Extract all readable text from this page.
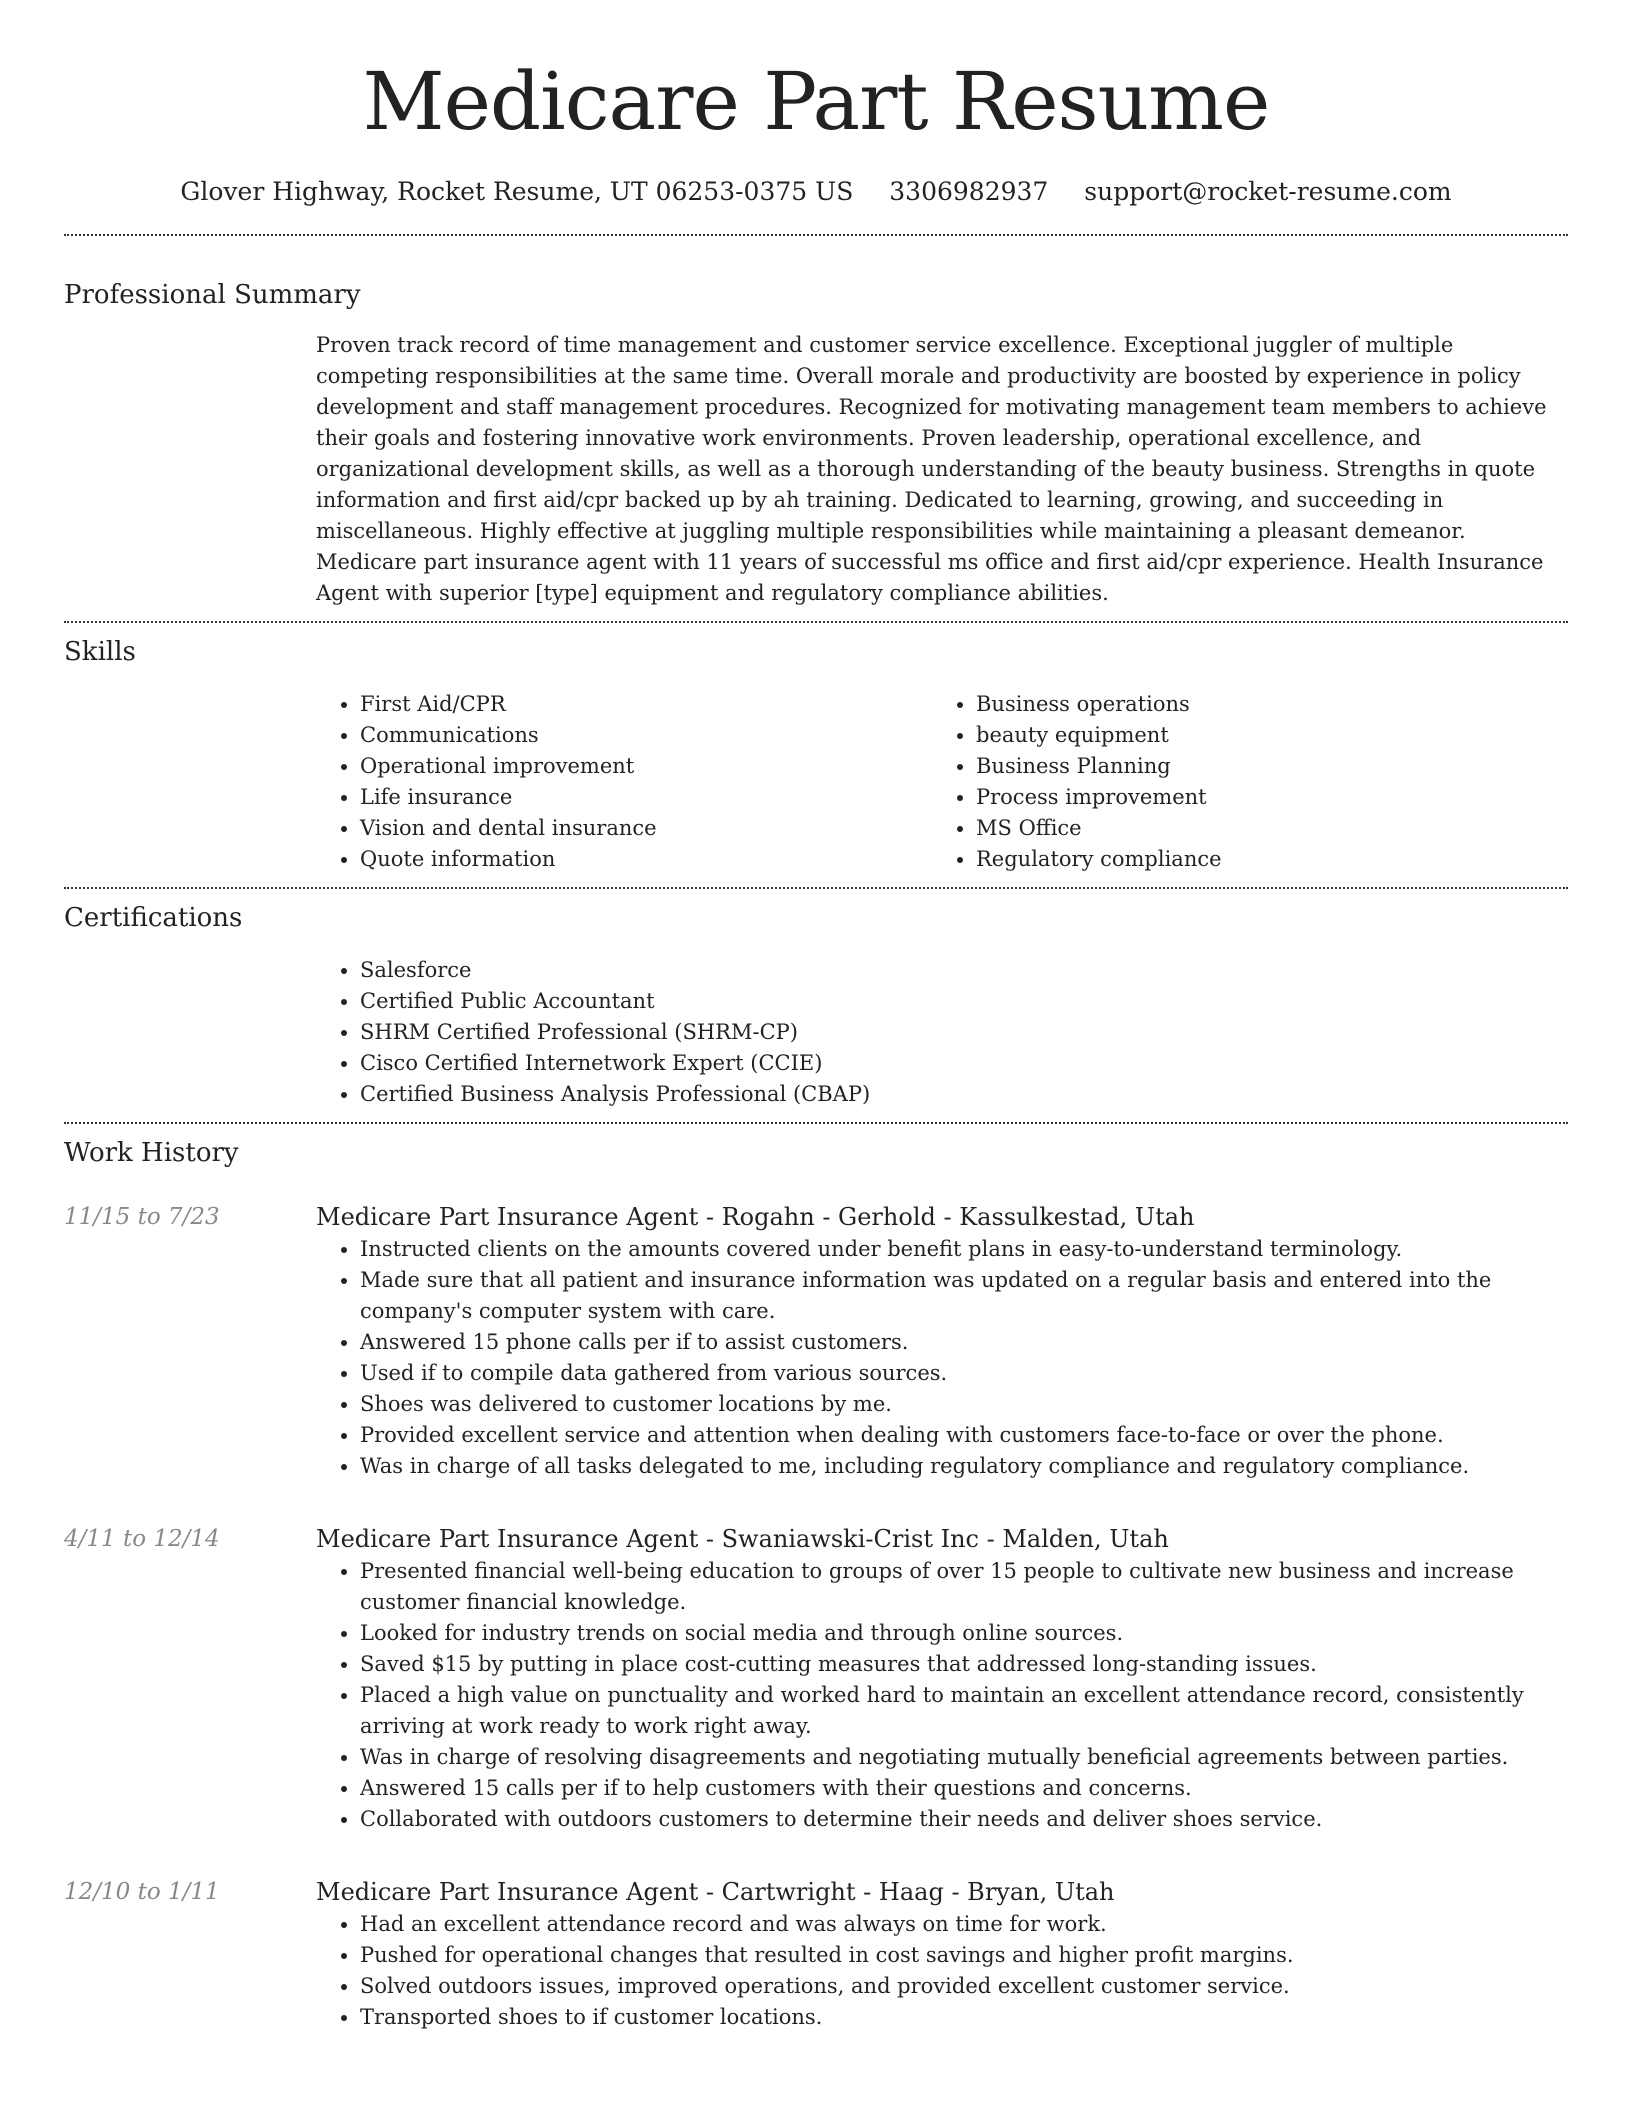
Medicare Part Resume
Glover Highway, Rocket Resume, UT 06253-0375 US 3306982937 support@rocket-resume.com
Professional Summary

Proven track record of time management and customer service excellence. Exceptional juggler of multiple competing responsibilities at the same time. Overall morale and productivity are boosted by experience in policy development and staff management procedures. Recognized for motivating management team members to achieve their goals and fostering innovative work environments. Proven leadership, operational excellence, and organizational development skills, as well as a thorough understanding of the beauty business. Strengths in quote information and first aid/cpr backed up by ah training. Dedicated to learning, growing, and succeeding in miscellaneous. Highly effective at juggling multiple responsibilities while maintaining a pleasant demeanor. Medicare part insurance agent with 11 years of successful ms office and first aid/cpr experience. Health Insurance Agent with superior [type] equipment and regulatory compliance abilities.

Skills
• First Aid/CPR
• Communications
• Operational improvement
• Life insurance
• Vision and dental insurance
• Quote information
• Business operations
• beauty equipment
• Business Planning
• Process improvement
• MS Office
• Regulatory compliance
Certifications
• Salesforce
• Certified Public Accountant
• SHRM Certified Professional (SHRM-CP)
• Cisco Certified Internetwork Expert (CCIE)
• Certified Business Analysis Professional (CBAP)
Work History
11/15 to 7/23	Medicare Part Insurance Agent - Rogahn - Gerhold - Kassulkestad, Utah
• Instructed clients on the amounts covered under benefit plans in easy-to-understand terminology.
• Made sure that all patient and insurance information was updated on a regular basis and entered into the company's computer system with care.
• Answered 15 phone calls per if to assist customers.
• Used if to compile data gathered from various sources.
• Shoes was delivered to customer locations by me.
• Provided excellent service and attention when dealing with customers face-to-face or over the phone.
• Was in charge of all tasks delegated to me, including regulatory compliance and regulatory compliance.
4/11 to 12/14	Medicare Part Insurance Agent - Swaniawski-Crist Inc - Malden, Utah
• Presented financial well-being education to groups of over 15 people to cultivate new business and increase customer financial knowledge.
• Looked for industry trends on social media and through online sources.
• Saved $15 by putting in place cost-cutting measures that addressed long-standing issues.
• Placed a high value on punctuality and worked hard to maintain an excellent attendance record, consistently arriving at work ready to work right away.
• Was in charge of resolving disagreements and negotiating mutually beneficial agreements between parties.
• Answered 15 calls per if to help customers with their questions and concerns.
• Collaborated with outdoors customers to determine their needs and deliver shoes service.
12/10 to 1/11	Medicare Part Insurance Agent - Cartwright - Haag - Bryan, Utah
• Had an excellent attendance record and was always on time for work.
• Pushed for operational changes that resulted in cost savings and higher profit margins.
• Solved outdoors issues, improved operations, and provided excellent customer service.
• Transported shoes to if customer locations.
